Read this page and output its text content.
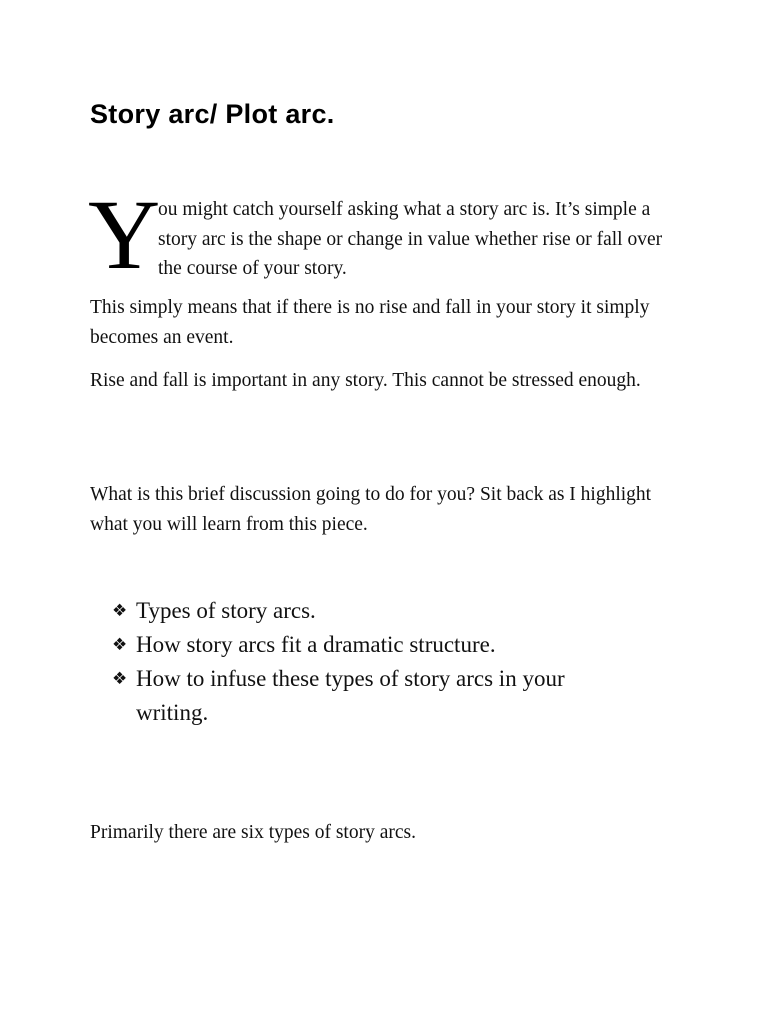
Story arc/ Plot arc.
Y

ou might catch yourself asking what a story arc is. It’s simple a story arc is the shape or change in value whether rise or fall over the course of your story.

This simply means that if there is no rise and fall in your story it simply becomes an event.

Rise and fall is important in any story. This cannot be stressed enough.

What is this brief discussion going to do for you? Sit back as I highlight what you will learn from this piece.

❖ Types of story arcs.
❖ How story arcs fit a dramatic structure.
❖ How to infuse these types of story arcs in your writing.

Primarily there are six types of story arcs.
